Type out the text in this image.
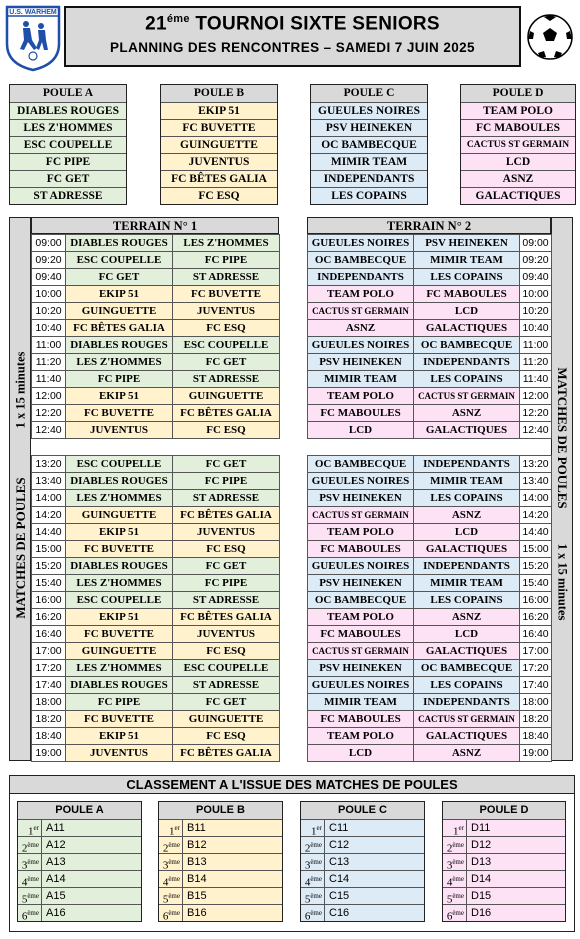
U.S. WARHEM
$21^{éme}$ TOURNOI SIXTE SENIORS
PLANNING DES RENCONTRES – SAMEDI 7 JUIN 2025
POULE A
DIABLES ROUGES
LES Z'HOMMES
ESC COUPELLE
FC PIPE
FC GET
ST ADRESSE
POULE B
EKIP 51
FC BUVETTE
GUINGUETTE
JUVENTUS
FC BÊTES GALIA
FC ESQ
POULE C
GUEULES NOIRES
PSV HEINEKEN
OC BAMBECQUE
MIMIR TEAM
INDEPENDANTS
LES COPAINS
POULE D
TEAM POLO
FC MABOULES
CACTUS ST GERMAIN
LCD
ASNZ
GALACTIQUES
1 x 15 minutes
MATCHES DE POULES
MATCHES DE POULES
1 x 15 minutes
TERRAIN N° 1	TERRAIN N° 2
09:00	DIABLES ROUGES	LES Z'HOMMES
09:20	ESC COUPELLE	FC PIPE
09:40	FC GET	ST ADRESSE
10:00	EKIP 51	FC BUVETTE
10:20	GUINGUETTE	JUVENTUS
10:40	FC BÊTES GALIA	FC ESQ
11:00	DIABLES ROUGES	ESC COUPELLE
11:20	LES Z'HOMMES	FC GET
11:40	FC PIPE	ST ADRESSE
12:00	EKIP 51	GUINGUETTE
12:20	FC BUVETTE	FC BÊTES GALIA
12:40	JUVENTUS	FC ESQ
13:20	ESC COUPELLE	FC GET
13:40	DIABLES ROUGES	FC PIPE
14:00	LES Z'HOMMES	ST ADRESSE
14:20	GUINGUETTE	FC BÊTES GALIA
14:40	EKIP 51	JUVENTUS
15:00	FC BUVETTE	FC ESQ
15:20	DIABLES ROUGES	FC GET
15:40	LES Z'HOMMES	FC PIPE
16:00	ESC COUPELLE	ST ADRESSE
16:20	EKIP 51	FC BÊTES GALIA
16:40	FC BUVETTE	JUVENTUS
17:00	GUINGUETTE	FC ESQ
17:20	LES Z'HOMMES	ESC COUPELLE
17:40	DIABLES ROUGES	ST ADRESSE
18:00	FC PIPE	FC GET
18:20	FC BUVETTE	GUINGUETTE
18:40	EKIP 51	FC ESQ
19:00	JUVENTUS	FC BÊTES GALIA
GUEULES NOIRES	PSV HEINEKEN	09:00
OC BAMBECQUE	MIMIR TEAM	09:20
INDEPENDANTS	LES COPAINS	09:40
TEAM POLO	FC MABOULES	10:00
CACTUS ST GERMAIN	LCD	10:20
ASNZ	GALACTIQUES	10:40
GUEULES NOIRES	OC BAMBECQUE	11:00
PSV HEINEKEN	INDEPENDANTS	11:20
MIMIR TEAM	LES COPAINS	11:40
TEAM POLO	CACTUS ST GERMAIN	12:00
FC MABOULES	ASNZ	12:20
LCD	GALACTIQUES	12:40
OC BAMBECQUE	INDEPENDANTS	13:20
GUEULES NOIRES	MIMIR TEAM	13:40
PSV HEINEKEN	LES COPAINS	14:00
CACTUS ST GERMAIN	ASNZ	14:20
TEAM POLO	LCD	14:40
FC MABOULES	GALACTIQUES	15:00
GUEULES NOIRES	INDEPENDANTS	15:20
PSV HEINEKEN	MIMIR TEAM	15:40
OC BAMBECQUE	LES COPAINS	16:00
TEAM POLO	ASNZ	16:20
FC MABOULES	LCD	16:40
CACTUS ST GERMAIN	GALACTIQUES	17:00
PSV HEINEKEN	OC BAMBECQUE	17:20
GUEULES NOIRES	LES COPAINS	17:40
MIMIR TEAM	INDEPENDANTS	18:00
FC MABOULES	CACTUS ST GERMAIN	18:20
TEAM POLO	GALACTIQUES	18:40
LCD	ASNZ	19:00
CLASSEMENT A L'ISSUE DES MATCHES DE POULES
POULE A
1er A11
2ème A12
3ème A13
4ème A14
5ème A15
6ème A16
POULE B
1er B11
2ème B12
3ème B13
4ème B14
5ème B15
6ème B16
POULE C
1er C11
2ème C12
3ème C13
4ème C14
5ème C15
6ème C16
POULE D
1er D11
2ème D12
3ème D13
4ème D14
5ème D15
6ème D16
